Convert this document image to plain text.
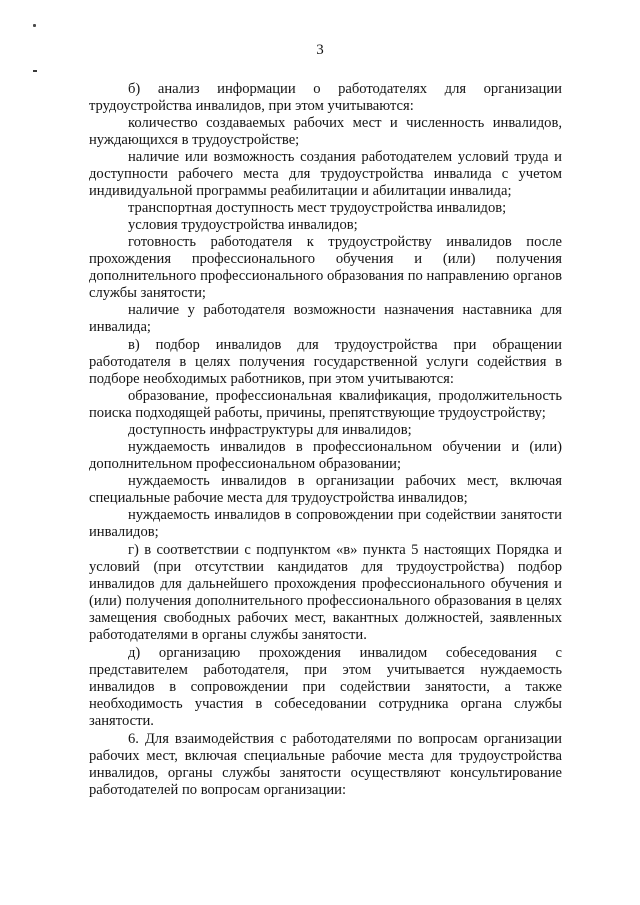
3

б) анализ информации о работодателях для организации трудоустройства инвалидов, при этом учитываются:

количество создаваемых рабочих мест и численность инвалидов, нуждающихся в трудоустройстве;

наличие или возможность создания работодателем условий труда и доступности рабочего места для трудоустройства инвалида с учетом индивидуальной программы реабилитации и абилитации инвалида;

транспортная доступность мест трудоустройства инвалидов;

условия трудоустройства инвалидов;

готовность работодателя к трудоустройству инвалидов после прохождения профессионального обучения и (или) получения дополнительного профессионального образования по направлению органов службы занятости;

наличие у работодателя возможности назначения наставника для инвалида;

в) подбор инвалидов для трудоустройства при обращении работодателя в целях получения государственной услуги содействия в подборе необходимых работников, при этом учитываются:

образование, профессиональная квалификация, продолжительность поиска подходящей работы, причины, препятствующие трудоустройству;

доступность инфраструктуры для инвалидов;

нуждаемость инвалидов в профессиональном обучении и (или) дополнительном профессиональном образовании;

нуждаемость инвалидов в организации рабочих мест, включая специальные рабочие места для трудоустройства инвалидов;

нуждаемость инвалидов в сопровождении при содействии занятости инвалидов;

г) в соответствии с подпунктом «в» пункта 5 настоящих Порядка и условий (при отсутствии кандидатов для трудоустройства) подбор инвалидов для дальнейшего прохождения профессионального обучения и (или) получения дополнительного профессионального образования в целях замещения свободных рабочих мест, вакантных должностей, заявленных работодателями в органы службы занятости.

д) организацию прохождения инвалидом собеседования с представителем работодателя, при этом учитывается нуждаемость инвалидов в сопровождении при содействии занятости, а также необходимость участия в собеседовании сотрудника органа службы занятости.

6. Для взаимодействия с работодателями по вопросам организации рабочих мест, включая специальные рабочие места для трудоустройства инвалидов, органы службы занятости осуществляют консультирование работодателей по вопросам организации:
